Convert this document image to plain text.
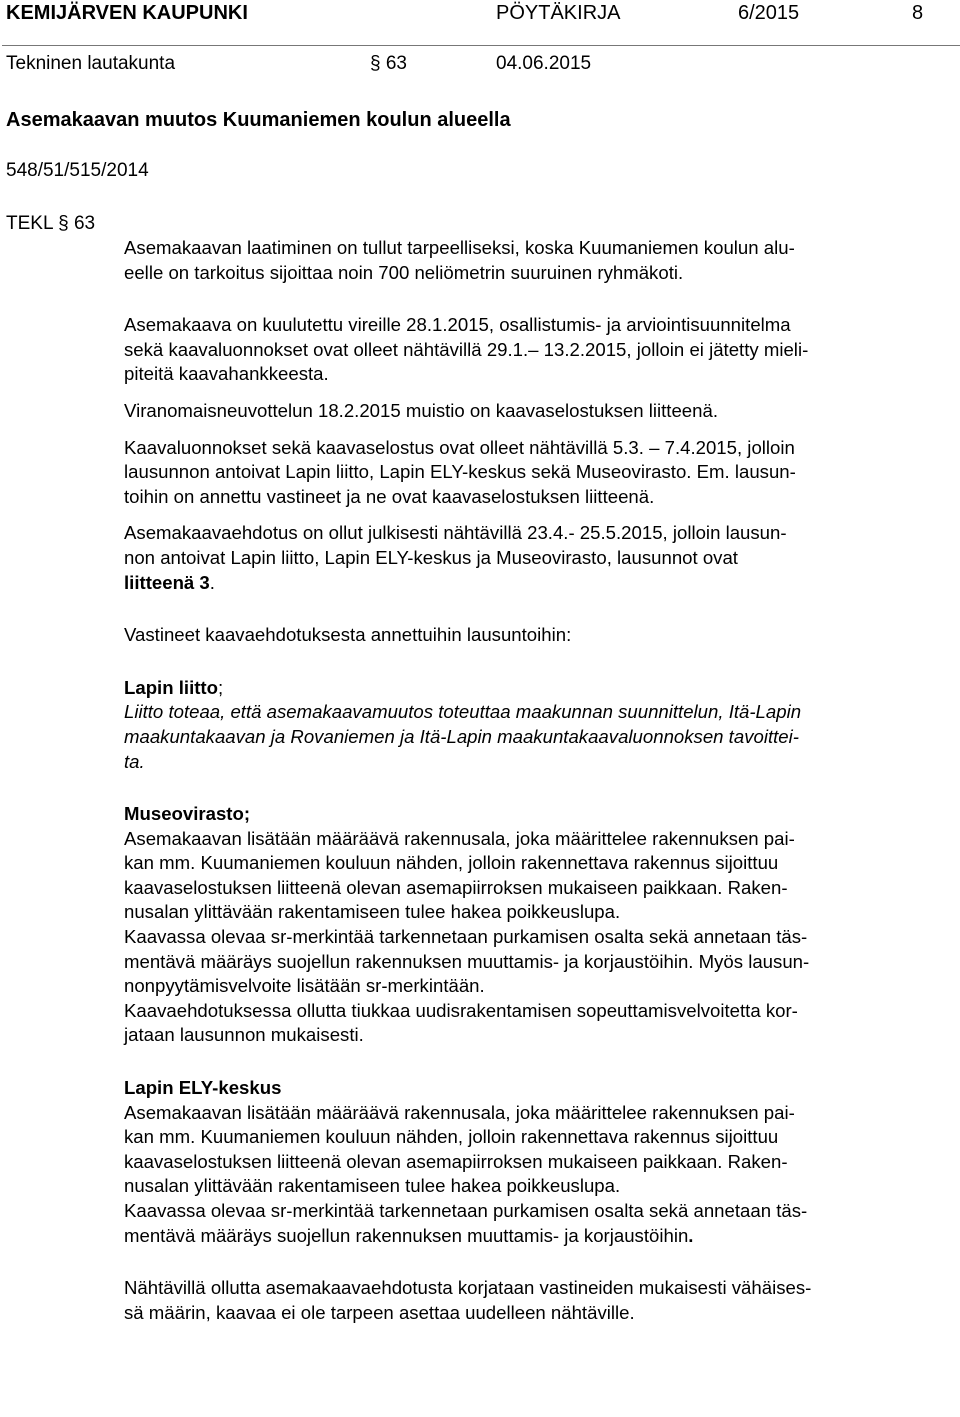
KEMIJÄRVEN KAUPUNKI	PÖYTÄKIRJA	6/2015	8
Tekninen lautakunta	§ 63	04.06.2015
Asemakaavan muutos Kuumaniemen koulun alueella
548/51/515/2014
TEKL § 63
Asemakaavan laatiminen on tullut tarpeelliseksi, koska Kuumaniemen koulun alu-
eelle on tarkoitus sijoittaa noin 700 neliömetrin suuruinen ryhmäkoti.
Asemakaava on kuulutettu vireille 28.1.2015, osallistumis- ja arviointisuunnitelma
sekä kaavaluonnokset ovat olleet nähtävillä 29.1.– 13.2.2015, jolloin ei jätetty mieli-
piteitä kaavahankkeesta.
Viranomaisneuvottelun 18.2.2015 muistio on kaavaselostuksen liitteenä.
Kaavaluonnokset sekä kaavaselostus ovat olleet nähtävillä 5.3. – 7.4.2015, jolloin
lausunnon antoivat Lapin liitto, Lapin ELY-keskus sekä Museovirasto. Em. lausun-
toihin on annettu vastineet ja ne ovat kaavaselostuksen liitteenä.
Asemakaavaehdotus on ollut julkisesti nähtävillä 23.4.- 25.5.2015, jolloin lausun-
non antoivat Lapin liitto, Lapin ELY-keskus ja Museovirasto, lausunnot ovat
liitteenä 3.
Vastineet kaavaehdotuksesta annettuihin lausuntoihin:
Lapin liitto;
Liitto toteaa, että asemakaavamuutos toteuttaa maakunnan suunnittelun, Itä-Lapin
maakuntakaavan ja Rovaniemen ja Itä-Lapin maakuntakaavaluonnoksen tavoittei-
ta.
Museovirasto;
Asemakaavan lisätään määräävä rakennusala, joka määrittelee rakennuksen pai-
kan mm. Kuumaniemen kouluun nähden, jolloin rakennettava rakennus sijoittuu
kaavaselostuksen liitteenä olevan asemapiirroksen mukaiseen paikkaan. Raken-
nusalan ylittävään rakentamiseen tulee hakea poikkeuslupa.
Kaavassa olevaa sr-merkintää tarkennetaan purkamisen osalta sekä annetaan täs-
mentävä määräys suojellun rakennuksen muuttamis- ja korjaustöihin. Myös lausun-
nonpyytämisvelvoite lisätään sr-merkintään.
Kaavaehdotuksessa ollutta tiukkaa uudisrakentamisen sopeuttamisvelvoitetta kor-
jataan lausunnon mukaisesti.
Lapin ELY-keskus
Asemakaavan lisätään määräävä rakennusala, joka määrittelee rakennuksen pai-
kan mm. Kuumaniemen kouluun nähden, jolloin rakennettava rakennus sijoittuu
kaavaselostuksen liitteenä olevan asemapiirroksen mukaiseen paikkaan. Raken-
nusalan ylittävään rakentamiseen tulee hakea poikkeuslupa.
Kaavassa olevaa sr-merkintää tarkennetaan purkamisen osalta sekä annetaan täs-
mentävä määräys suojellun rakennuksen muuttamis- ja korjaustöihin.
Nähtävillä ollutta asemakaavaehdotusta korjataan vastineiden mukaisesti vähäises-
sä määrin, kaavaa ei ole tarpeen asettaa uudelleen nähtäville.
